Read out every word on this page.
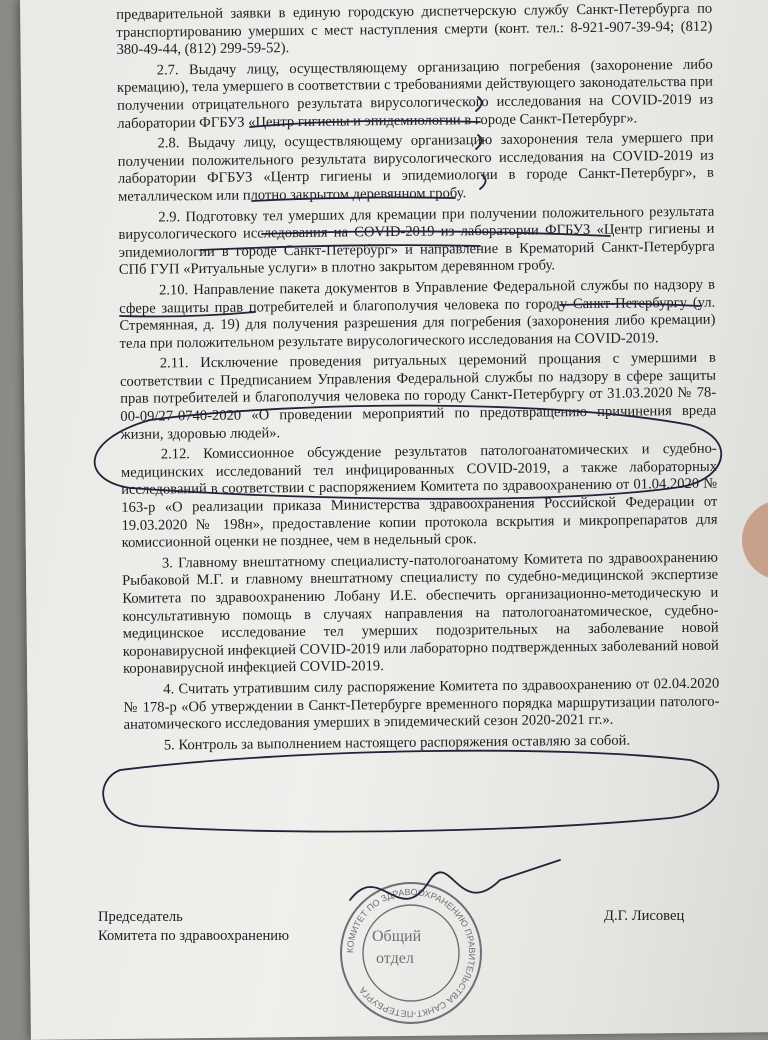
предварительной заявки в единую городскую диспетчерскую службу Санкт-Петербурга по транспортированию умерших с мест наступления смерти (конт. тел.: 8-921-907-39-94; (812) 380-49-44, (812) 299-59-52).

2.7. Выдачу лицу, осуществляющему организацию погребения (захоронение либо кремацию), тела умершего в соответствии с требованиями действующего законодательства при получении отрицательного результата вирусологического исследования на COVID-2019 из лаборатории ФГБУЗ «Центр гигиены и эпидемиологии в городе Санкт-Петербург».

2.8. Выдачу лицу, осуществляющему организацию захоронения тела умершего при получении положительного результата вирусологического исследования на COVID-2019 из лаборатории ФГБУЗ «Центр гигиены и эпидемиологии в городе Санкт-Петербург», в металлическом или плотно закрытом деревянном гробу.

2.9. Подготовку тел умерших для кремации при получении положительного результата вирусологического исследования на COVID-2019 из лаборатории ФГБУЗ «Центр гигиены и эпидемиологии в городе Санкт-Петербург» и направление в Крематорий Санкт-Петербурга СПб ГУП «Ритуальные услуги» в плотно закрытом деревянном гробу.

2.10. Направление пакета документов в Управление Федеральной службы по надзору в сфере защиты прав потребителей и благополучия человека по городу Санкт-Петербургу (ул. Стремянная, д. 19) для получения разрешения для погребения (захоронения либо кремации) тела при положительном результате вирусологического исследования на COVID-2019.

2.11. Исключение проведения ритуальных церемоний прощания с умершими в соответствии с Предписанием Управления Федеральной службы по надзору в сфере защиты прав потребителей и благополучия человека по городу Санкт-Петербургу от 31.03.2020 № 78-00-09/27-0740-2020 «О проведении мероприятий по предотвращению причинения вреда жизни, здоровью людей».

2.12. Комиссионное обсуждение результатов патологоанатомических и судебно-медицинских исследований тел инфицированных COVID-2019, а также лабораторных исследований в соответствии с распоряжением Комитета по здравоохранению от 01.04.2020 № 163-р «О реализации приказа Министерства здравоохранения Российской Федерации от 19.03.2020 № 198н», предоставление копии протокола вскрытия и микропрепаратов для комиссионной оценки не позднее, чем в недельный срок.

3. Главному внештатному специалисту-патологоанатому Комитета по здравоохранению Рыбаковой М.Г. и главному внештатному специалисту по судебно-медицинской экспертизе Комитета по здравоохранению Лобану И.Е. обеспечить организационно-методическую и консультативную помощь в случаях направления на патологоанатомическое, судебно-медицинское исследование тел умерших подозрительных на заболевание новой коронавирусной инфекцией COVID-2019 или лабораторно подтвержденных заболеваний новой коронавирусной инфекцией COVID-2019.

4. Считать утратившим силу распоряжение Комитета по здравоохранению от 02.04.2020 № 178-р «Об утверждении в Санкт-Петербурге временного порядка маршрутизации патолого-анатомического исследования умерших в эпидемический сезон 2020-2021 гг.».

5. Контроль за выполнением настоящего распоряжения оставляю за собой.

Председатель
Комитета по здравоохранению
Д.Г. Лисовец
КОМИТЕТ ПО ЗДРАВООХРАНЕНИЮ ПРАВИТЕЛЬСТВА САНКТ-ПЕТЕРБУРГА
Общий
отдел
